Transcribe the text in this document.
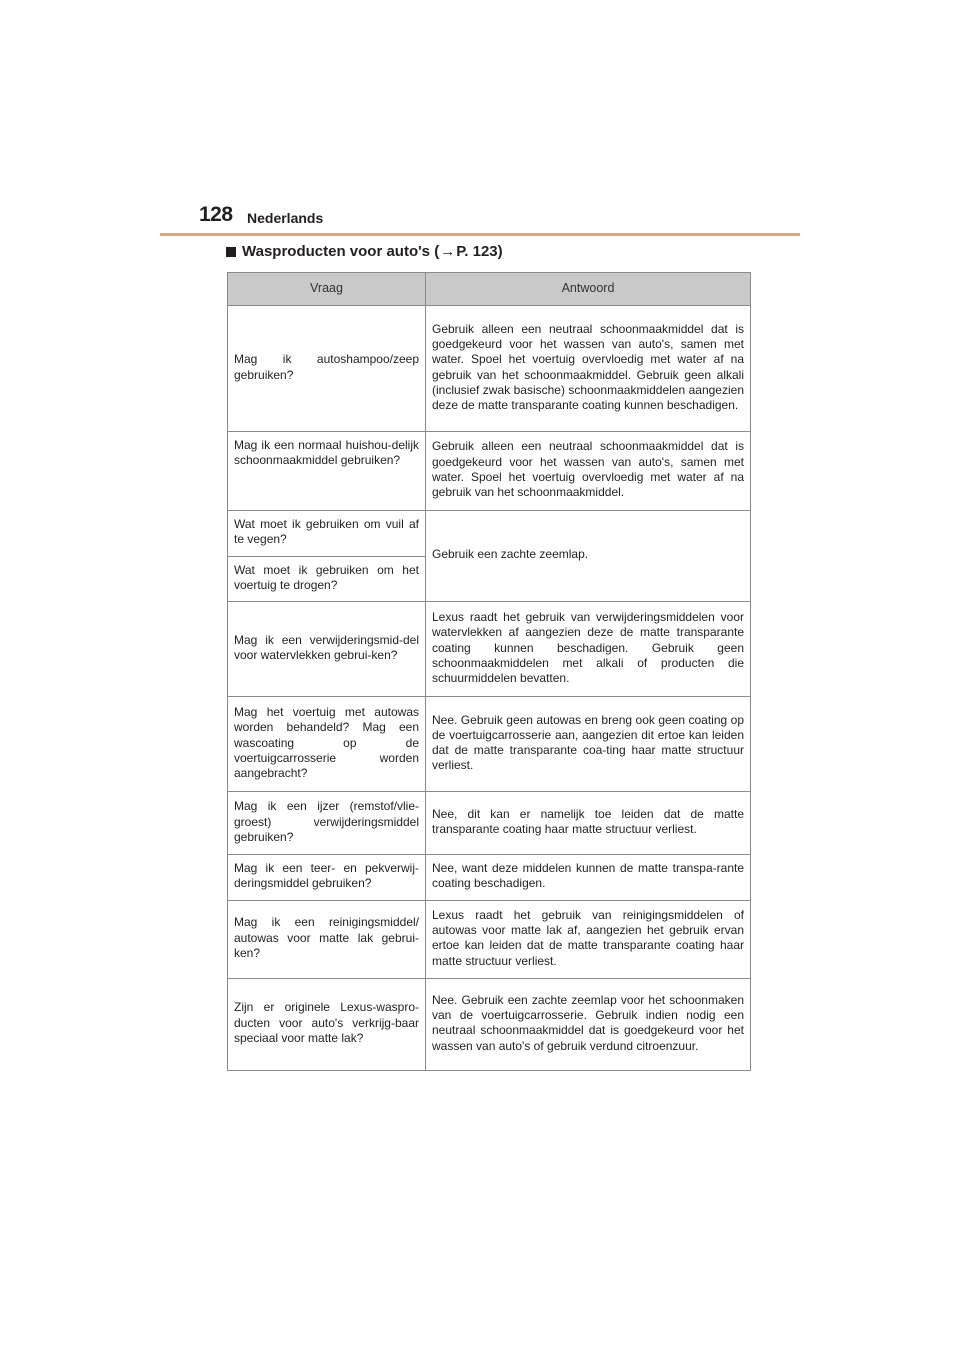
128 Nederlands
Wasproducten voor auto's ( → P. 123)
Vraag	Antwoord
Mag ik autoshampoo/zeep gebruiken?	Gebruik alleen een neutraal schoonmaakmiddel dat is goedgekeurd voor het wassen van auto's, samen met water. Spoel het voertuig overvloedig met water af na gebruik van het schoonmaakmiddel. Gebruik geen alkali (inclusief zwak basische) schoonmaakmiddelen aangezien deze de matte transparante coating kunnen beschadigen.
Mag ik een normaal huishou-delijk schoonmaakmiddel gebruiken?	Gebruik alleen een neutraal schoonmaakmiddel dat is goedgekeurd voor het wassen van auto's, samen met water. Spoel het voertuig overvloedig met water af na gebruik van het schoonmaakmiddel.
Wat moet ik gebruiken om vuil af te vegen?	Gebruik een zachte zeemlap.
Wat moet ik gebruiken om het voertuig te drogen?	
Mag ik een verwijderingsmid-del voor watervlekken gebrui-ken?	Lexus raadt het gebruik van verwijderingsmiddelen voor watervlekken af aangezien deze de matte transparante coating kunnen beschadigen. Gebruik geen schoonmaakmiddelen met alkali of producten die schuurmiddelen bevatten.
Mag het voertuig met autowas worden behandeld? Mag een wascoating op de voertuigcarrosserie worden aangebracht?	Nee. Gebruik geen autowas en breng ook geen coating op de voertuigcarrosserie aan, aangezien dit ertoe kan leiden dat de matte transparante coa-ting haar matte structuur verliest.
Mag ik een ijzer (remstof/vlie-groest) verwijderingsmiddel gebruiken?	Nee, dit kan er namelijk toe leiden dat de matte transparante coating haar matte structuur verliest.
Mag ik een teer- en pekverwij-deringsmiddel gebruiken?	Nee, want deze middelen kunnen de matte transpa-rante coating beschadigen.
Mag ik een reinigingsmiddel/ autowas voor matte lak gebrui-ken?	Lexus raadt het gebruik van reinigingsmiddelen of autowas voor matte lak af, aangezien het gebruik ervan ertoe kan leiden dat de matte transparante coating haar matte structuur verliest.
Zijn er originele Lexus-waspro-ducten voor auto's verkrijg-baar speciaal voor matte lak?	Nee. Gebruik een zachte zeemlap voor het schoonmaken van de voertuigcarrosserie. Gebruik indien nodig een neutraal schoonmaakmiddel dat is goedgekeurd voor het wassen van auto's of gebruik verdund citroenzuur.
